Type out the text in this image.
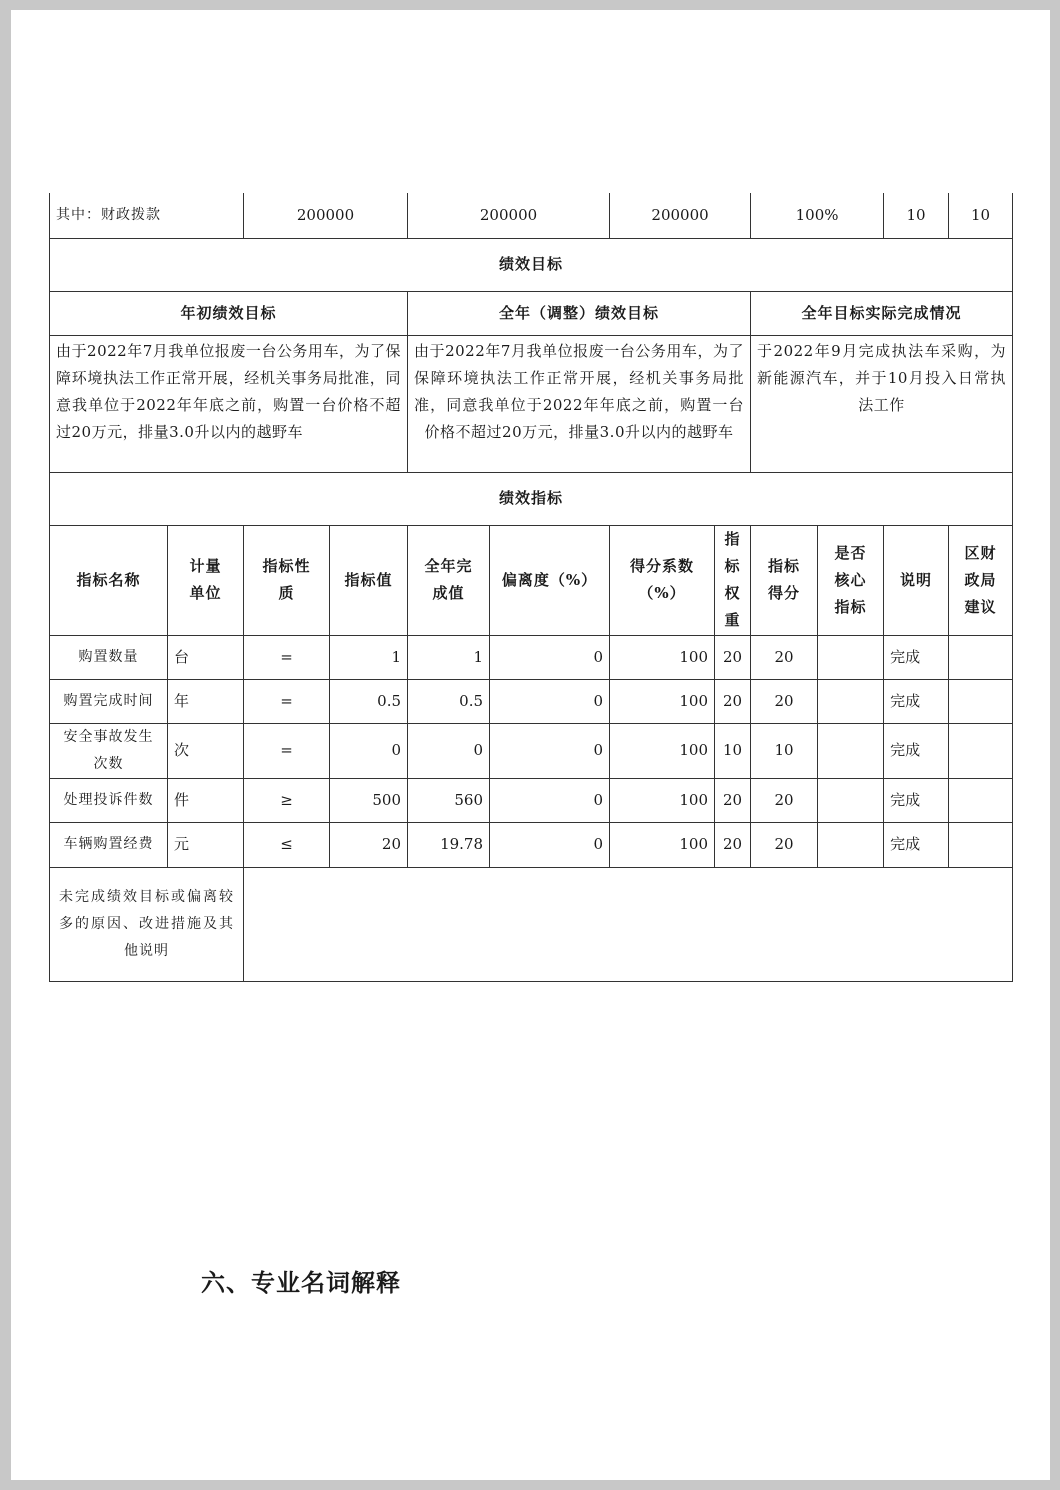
其中：财政拨款		200000		200000		200000		100%		10	10
绩效目标											
年初绩效目标				全年（调整）绩效目标				全年目标实际完成情况			
由于2022年7月我单位报废一台公务用车，为了保障环境执法工作正常开展，经机关事务局批准，同意我单位于2022年年底之前，购置一台价格不超过20万元，排量3.0升以内的越野车				由于2022年7月我单位报废一台公务用车，为了保障环境执法工作正常开展，经机关事务局批准，同意我单位于2022年年底之前，购置一台价格不超过20万元，排量3.0升以内的越野车				于2022年9月完成执法车采购，为新能源汽车，并于10月投入日常执法工作			
绩效指标											
指标名称	计量单位	指标性质	指标值	全年完成值	偏离度（%）	得分系数（%）	指标权重	指标得分	是否核心指标	说明	区财政局建议
购置数量	台	=	1	1	0	100	20	20		完成	
购置完成时间	年	=	0.5	0.5	0	100	20	20		完成	
安全事故发生次数	次	=	0	0	0	100	10	10		完成	
处理投诉件数	件	≥	500	560	0	100	20	20		完成	
车辆购置经费	元	≤	20	19.78	0	100	20	20		完成	
未完成绩效目标或偏离较多的原因、改进措施及其他说明											
六、专业名词解释
